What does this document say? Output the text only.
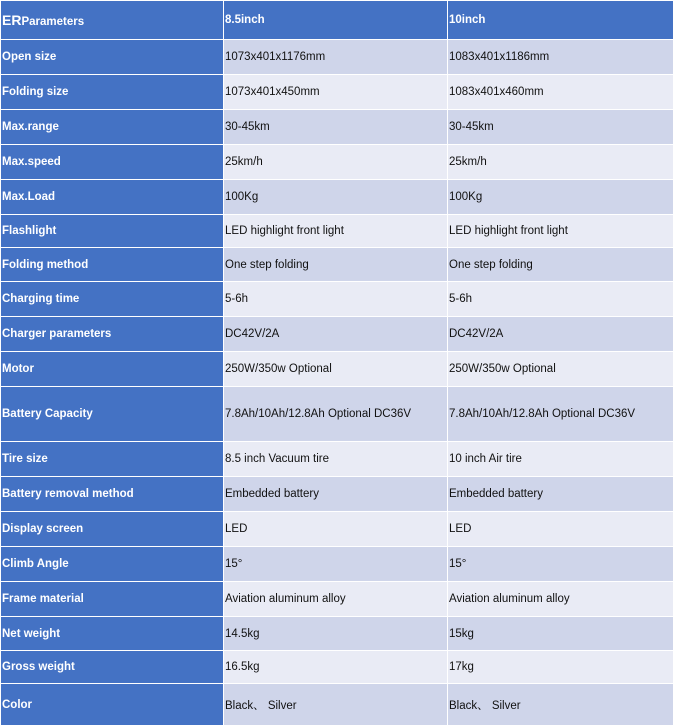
ERParameters	8.5inch	10inch
Open size	1073x401x1176mm	1083x401x1186mm
Folding size	1073x401x450mm	1083x401x460mm
Max.range	30-45km	30-45km
Max.speed	25km/h	25km/h
Max.Load	100Kg	100Kg
Flashlight	LED highlight front light	LED highlight front light
Folding method	One step folding	One step folding
Charging time	5-6h	5-6h
Charger parameters	DC42V/2A	DC42V/2A
Motor	250W/350w Optional	250W/350w Optional
Battery Capacity	7.8Ah/10Ah/12.8Ah Optional DC36V	7.8Ah/10Ah/12.8Ah Optional DC36V
Tire size	8.5 inch Vacuum tire	10 inch Air tire
Battery removal method	Embedded battery	Embedded battery
Display screen	LED	LED
Climb Angle	15°	15°
Frame material	Aviation aluminum alloy	Aviation aluminum alloy
Net weight	14.5kg	15kg
Gross weight	16.5kg	17kg
Color	Black、 Silver	Black、 Silver
